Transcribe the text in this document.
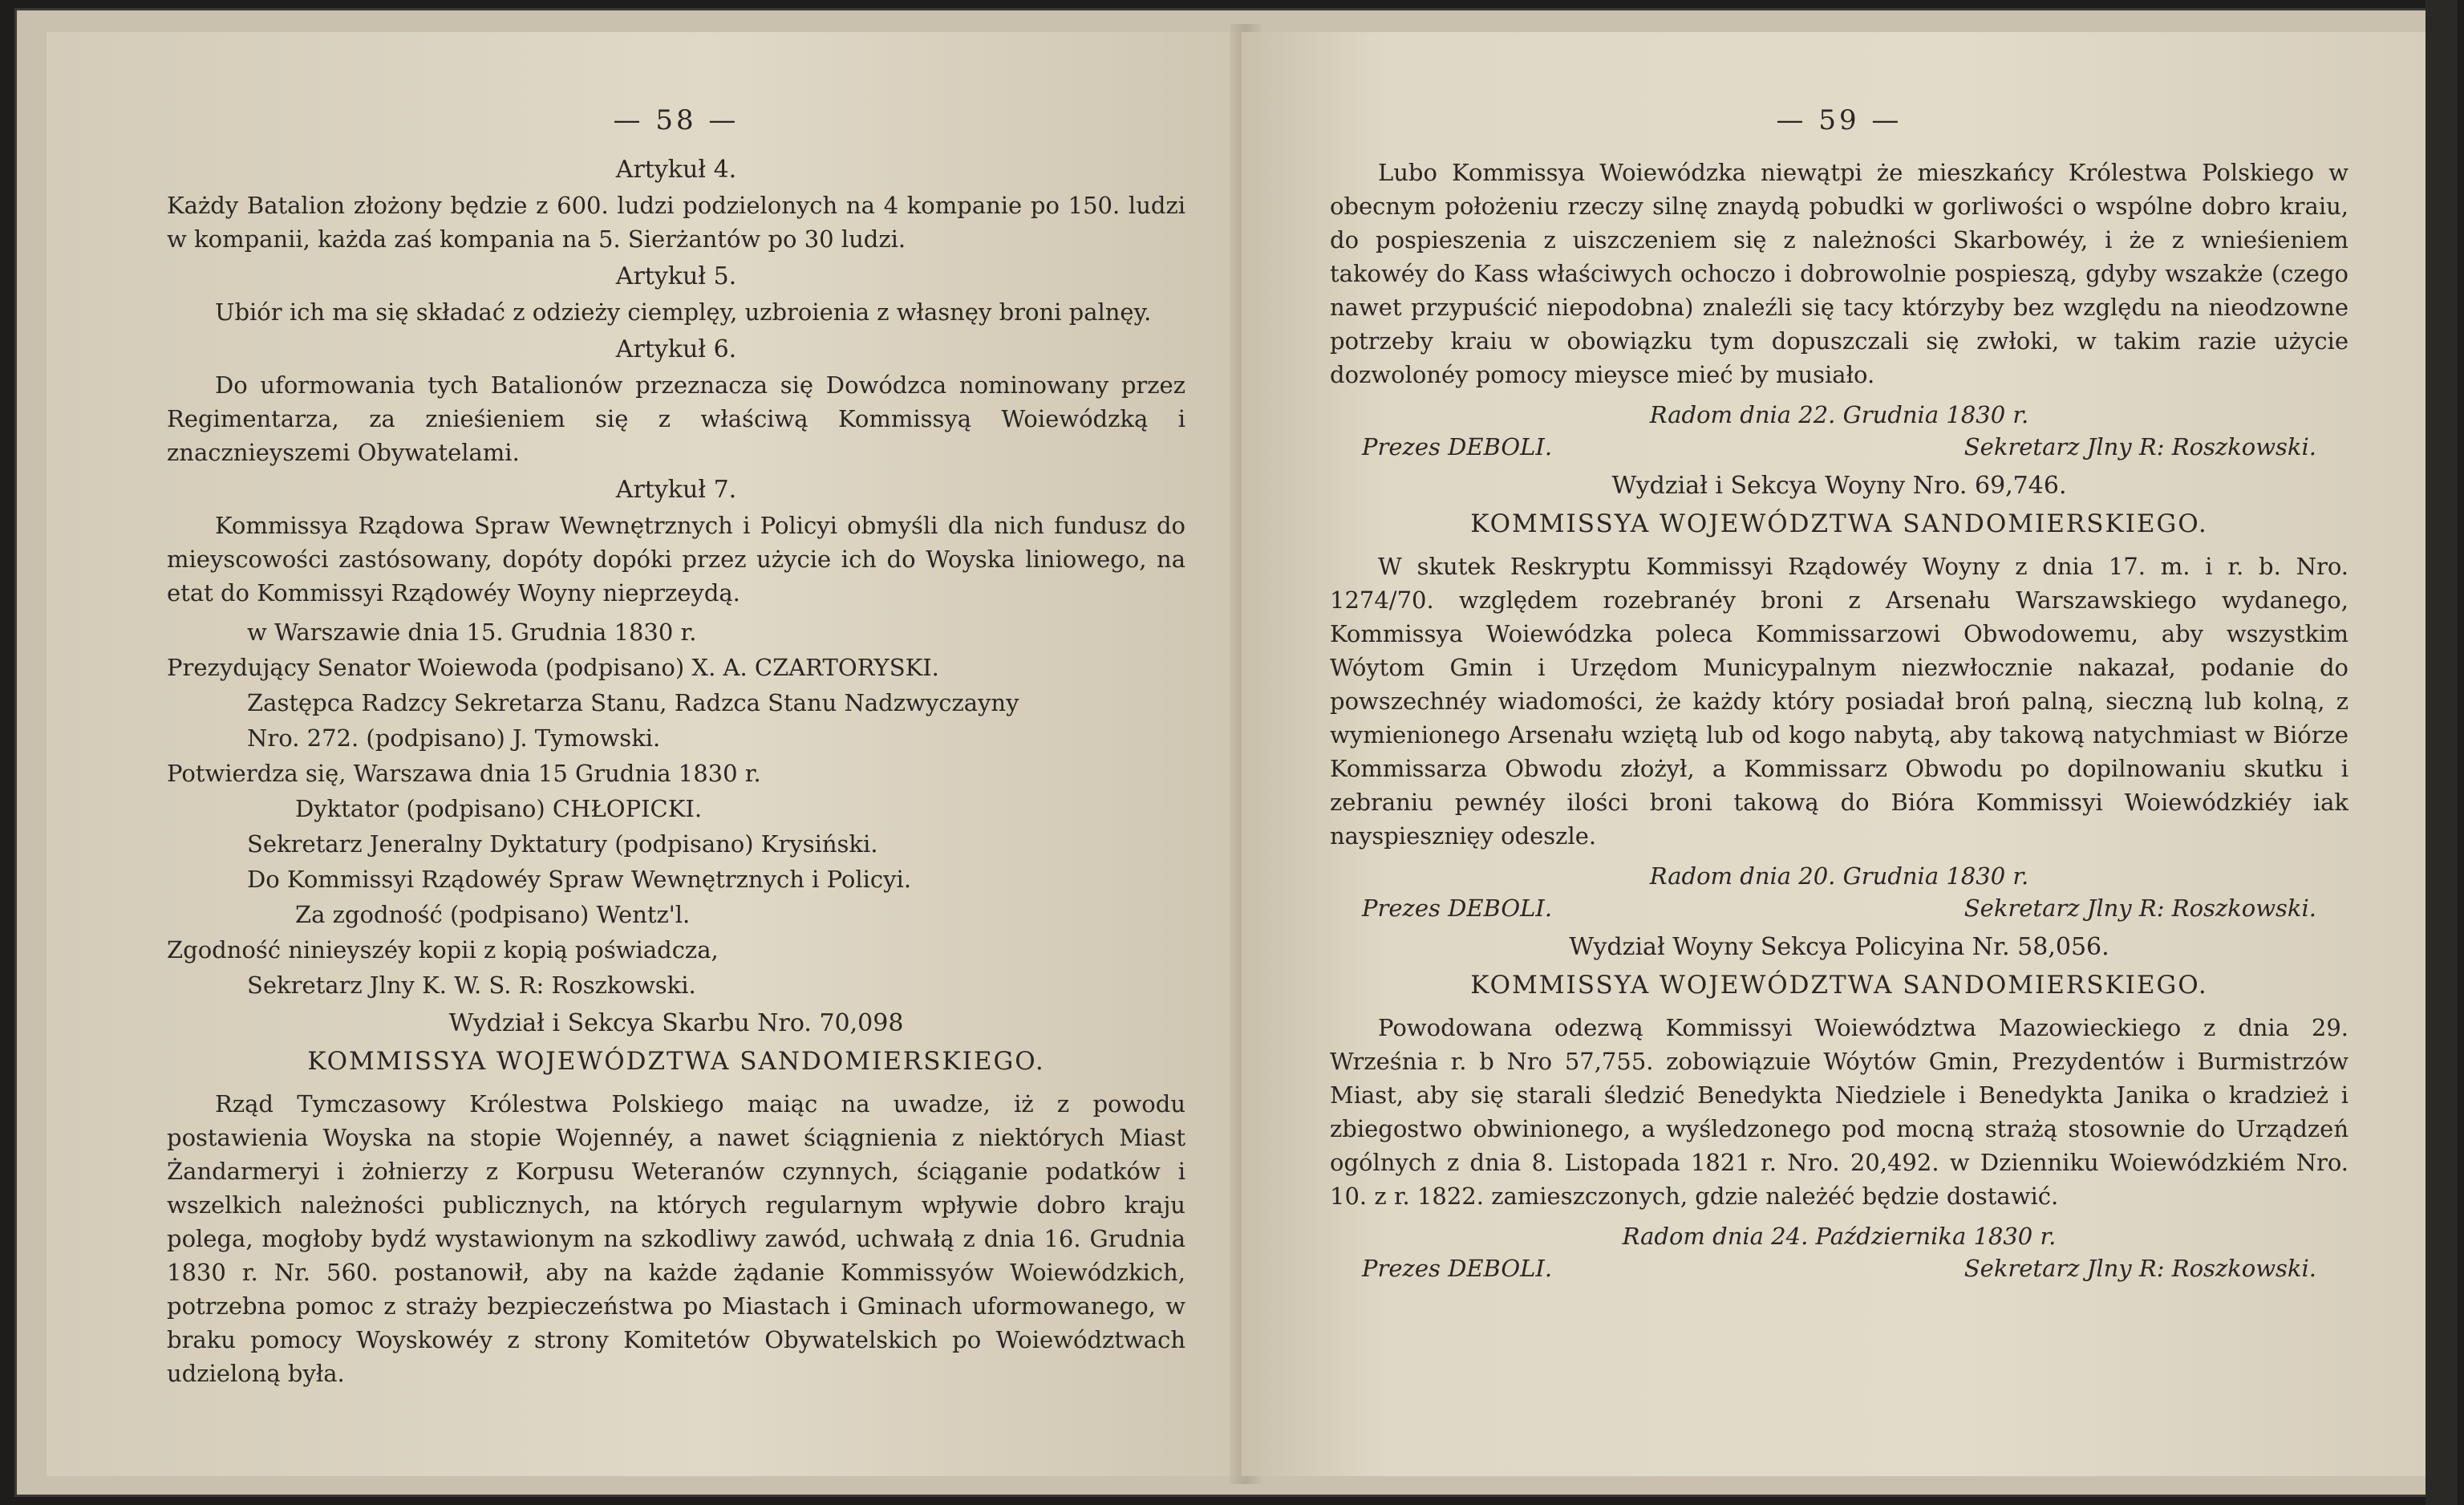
— 58 —
Artykuł 4.

Każdy Batalion złożony będzie z 600. ludzi podzielonych na 4 kompanie po 150. ludzi w kompanii, każda zaś kompania na 5. Sierżantów po 30 ludzi.

Artykuł 5.

Ubiór ich ma się składać z odzieży ciemplęy, uzbroienia z własnęy broni palnęy.

Artykuł 6.

Do uformowania tych Batalionów przeznacza się Dowódzca nominowany przez Regimentarza, za znieśieniem się z właściwą Kommissyą Woiewódzką i znacznieyszemi Obywatelami.

Artykuł 7.

Kommissya Rządowa Spraw Wewnętrznych i Policyi obmyśli dla nich fundusz do mieyscowości zastósowany, dopóty dopóki przez użycie ich do Woyska liniowego, na etat do Kommissyi Rządowéy Woyny nieprzeydą.

w Warszawie dnia 15. Grudnia 1830 r.
Prezydujący Senator Woiewoda (podpisano) X. A. CZARTORYSKI.
Zastępca Radzcy Sekretarza Stanu, Radzca Stanu Nadzwyczayny
Nro. 272. (podpisano) J. Tymowski.
Potwierdza się, Warszawa dnia 15 Grudnia 1830 r.
Dyktator (podpisano) CHŁOPICKI.
Sekretarz Jeneralny Dyktatury (podpisano) Krysiński.
Do Kommissyi Rządowéy Spraw Wewnętrznych i Policyi.
Za zgodność (podpisano) Wentz'l.
Zgodność ninieyszéy kopii z kopią poświadcza,
Sekretarz Jlny K. W. S. R: Roszkowski.
Wydział i Sekcya Skarbu Nro. 70,098
KOMMISSYA WOJEWÓDZTWA SANDOMIERSKIEGO.

Rząd Tymczasowy Królestwa Polskiego maiąc na uwadze, iż z powodu postawienia Woyska na stopie Wojennéy, a nawet ściągnienia z niektórych Miast Żandarmeryi i żołnierzy z Korpusu Weteranów czynnych, ściąganie podatków i wszelkich należności publicznych, na których regularnym wpływie dobro kraju polega, mogłoby bydź wystawionym na szkodliwy zawód, uchwałą z dnia 16. Grudnia 1830 r. Nr. 560. postanowił, aby na każde żądanie Kommissyów Woiewódzkich, potrzebna pomoc z straży bezpieczeństwa po Miastach i Gminach uformowanego, w braku pomocy Woyskowéy z strony Komitetów Obywatelskich po Woiewództwach udzieloną była.

— 59 —

Lubo Kommissya Woiewódzka niewątpi że mieszkańcy Królestwa Polskiego w obecnym położeniu rzeczy silnę znaydą pobudki w gorliwości o wspólne dobro kraiu, do pospieszenia z uiszczeniem się z należności Skarbowéy, i że z wnieśieniem takowéy do Kass właściwych ochoczo i dobrowolnie pospieszą, gdyby wszakże (czego nawet przypuścić niepodobna) znaleźli się tacy którzyby bez względu na nieodzowne potrzeby kraiu w obowiązku tym dopuszczali się zwłoki, w takim razie użycie dozwolonéy pomocy mieysce mieć by musiało.

Radom dnia 22. Grudnia 1830 r.
Prezes DEBOLI.	Sekretarz Jlny R: Roszkowski.
Wydział i Sekcya Woyny Nro. 69,746.
KOMMISSYA WOJEWÓDZTWA SANDOMIERSKIEGO.

W skutek Reskryptu Kommissyi Rządowéy Woyny z dnia 17. m. i r. b. Nro. 1274/70. względem rozebranéy broni z Arsenału Warszawskiego wydanego, Kommissya Woiewódzka poleca Kommissarzowi Obwodowemu, aby wszystkim Wóytom Gmin i Urzędom Municypalnym niezwłocznie nakazał, podanie do powszechnéy wiadomości, że każdy który posiadał broń palną, sieczną lub kolną, z wymienionego Arsenału wziętą lub od kogo nabytą, aby takową natychmiast w Biórze Kommissarza Obwodu złożył, a Kommissarz Obwodu po dopilnowaniu skutku i zebraniu pewnéy ilości broni takową do Bióra Kommissyi Woiewódzkiéy iak nayspiesznięy odeszle.

Radom dnia 20. Grudnia 1830 r.
Prezes DEBOLI.	Sekretarz Jlny R: Roszkowski.
Wydział Woyny Sekcya Policyina Nr. 58,056.
KOMMISSYA WOJEWÓDZTWA SANDOMIERSKIEGO.

Powodowana odezwą Kommissyi Woiewództwa Mazowieckiego z dnia 29. Września r. b Nro 57,755. zobowiązuie Wóytów Gmin, Prezydentów i Burmistrzów Miast, aby się starali śledzić Benedykta Niedziele i Benedykta Janika o kradzież i zbiegostwo obwinionego, a wyśledzonego pod mocną strażą stosownie do Urządzeń ogólnych z dnia 8. Listopada 1821 r. Nro. 20,492. w Dzienniku Woiewódzkiém Nro. 10. z r. 1822. zamieszczonych, gdzie należéć będzie dostawić.

Radom dnia 24. Października 1830 r.
Prezes DEBOLI.	Sekretarz Jlny R: Roszkowski.
